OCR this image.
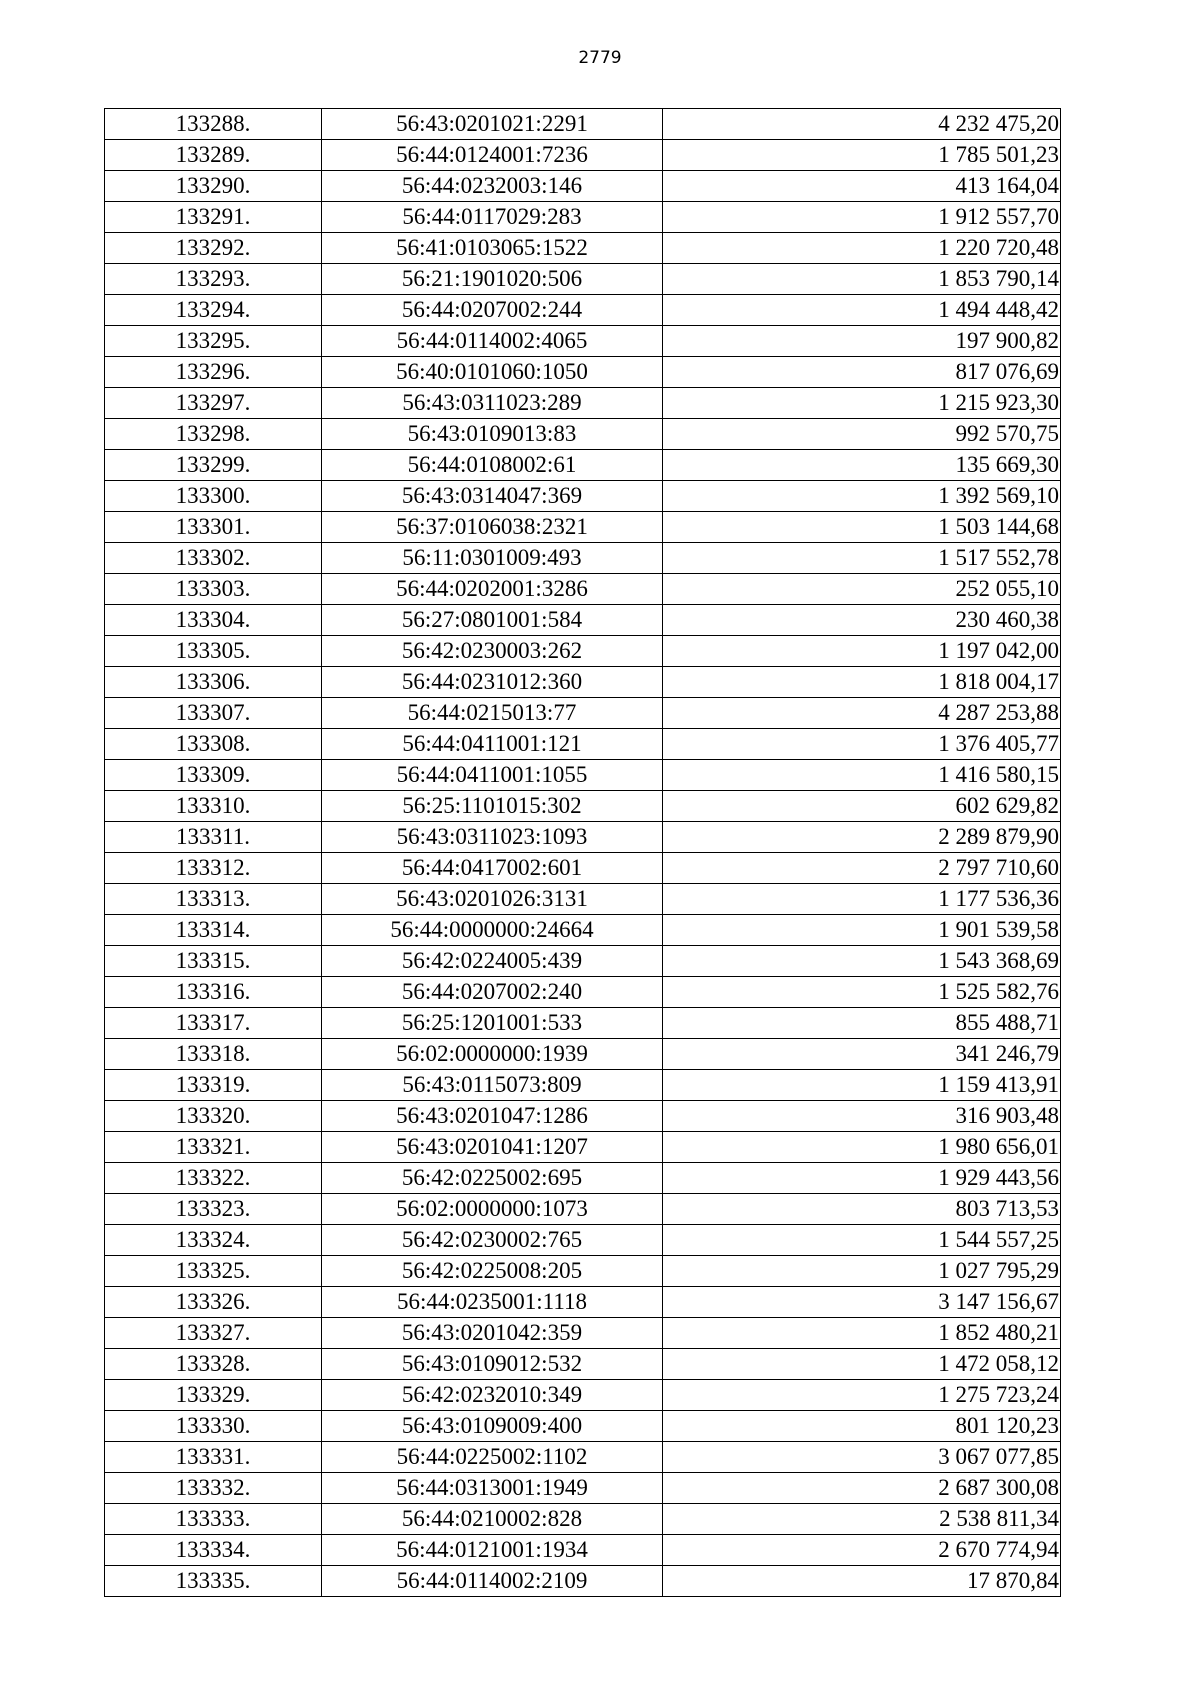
2779
133288.	56:43:0201021:2291	4 232 475,20
133289.	56:44:0124001:7236	1 785 501,23
133290.	56:44:0232003:146	413 164,04
133291.	56:44:0117029:283	1 912 557,70
133292.	56:41:0103065:1522	1 220 720,48
133293.	56:21:1901020:506	1 853 790,14
133294.	56:44:0207002:244	1 494 448,42
133295.	56:44:0114002:4065	197 900,82
133296.	56:40:0101060:1050	817 076,69
133297.	56:43:0311023:289	1 215 923,30
133298.	56:43:0109013:83	992 570,75
133299.	56:44:0108002:61	135 669,30
133300.	56:43:0314047:369	1 392 569,10
133301.	56:37:0106038:2321	1 503 144,68
133302.	56:11:0301009:493	1 517 552,78
133303.	56:44:0202001:3286	252 055,10
133304.	56:27:0801001:584	230 460,38
133305.	56:42:0230003:262	1 197 042,00
133306.	56:44:0231012:360	1 818 004,17
133307.	56:44:0215013:77	4 287 253,88
133308.	56:44:0411001:121	1 376 405,77
133309.	56:44:0411001:1055	1 416 580,15
133310.	56:25:1101015:302	602 629,82
133311.	56:43:0311023:1093	2 289 879,90
133312.	56:44:0417002:601	2 797 710,60
133313.	56:43:0201026:3131	1 177 536,36
133314.	56:44:0000000:24664	1 901 539,58
133315.	56:42:0224005:439	1 543 368,69
133316.	56:44:0207002:240	1 525 582,76
133317.	56:25:1201001:533	855 488,71
133318.	56:02:0000000:1939	341 246,79
133319.	56:43:0115073:809	1 159 413,91
133320.	56:43:0201047:1286	316 903,48
133321.	56:43:0201041:1207	1 980 656,01
133322.	56:42:0225002:695	1 929 443,56
133323.	56:02:0000000:1073	803 713,53
133324.	56:42:0230002:765	1 544 557,25
133325.	56:42:0225008:205	1 027 795,29
133326.	56:44:0235001:1118	3 147 156,67
133327.	56:43:0201042:359	1 852 480,21
133328.	56:43:0109012:532	1 472 058,12
133329.	56:42:0232010:349	1 275 723,24
133330.	56:43:0109009:400	801 120,23
133331.	56:44:0225002:1102	3 067 077,85
133332.	56:44:0313001:1949	2 687 300,08
133333.	56:44:0210002:828	2 538 811,34
133334.	56:44:0121001:1934	2 670 774,94
133335.	56:44:0114002:2109	17 870,84
